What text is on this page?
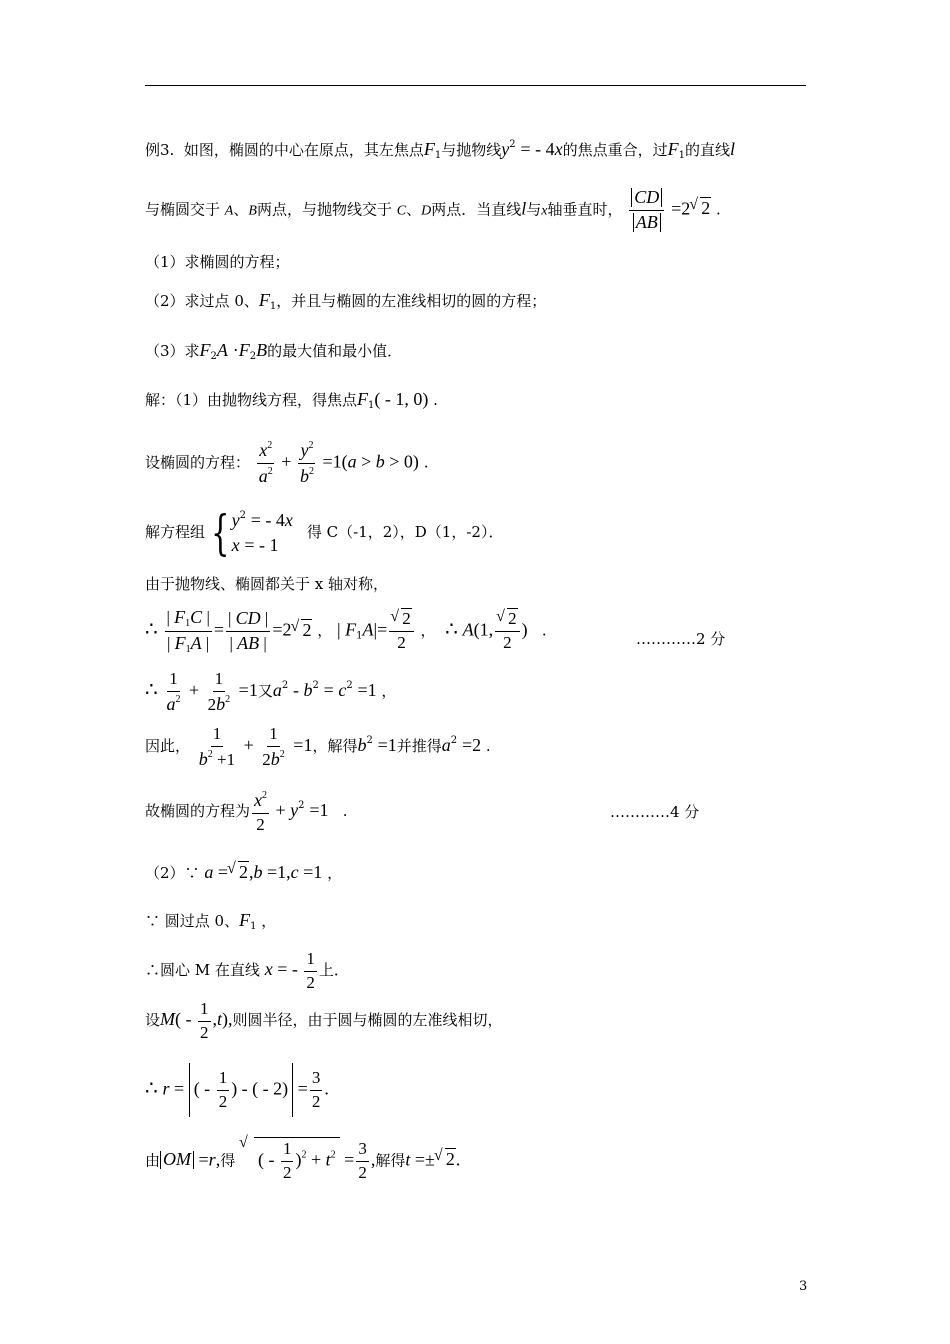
例3. 如图，椭圆的中心在原点，其左焦点$F_1$与抛物线$y^2$ = - 4x的焦点重合，过$F_1$的直线l
与椭圆交于 A、B两点，与抛物线交于 C、D两点．当直线l与x轴垂直时， $\frac{CD}{AB} =2√$ 2 .
（1）求椭圆的方程；
（2）求过点 0、$F_1$，并且与椭圆的左准线相切的圆的方程；
（3）求$F_2A \cdot F_2B$的最大值和最小值．
解：（1）由抛物线方程，得焦点$F_1( - 1$, 0) .
设椭圆的方程： $\frac{x^2}{a^2} + \frac{y^2}{b^2} =1(a > b > 0)$ .
解方程组 { $y^2$ = - 4x
x = - 1
得 C（-1，2），D（1，-2）．
由于抛物线、椭圆都关于 x 轴对称，
∴ $\frac{| F_1C |}{| F_1A |} = \frac{| CD |}{| AB |} =2√$ 2 ， | $F_1A|=$
√ $\frac{2}{2}$ ，  ∴ A(1,
√ $\frac{2}{2}$ )   .	…………2 分
∴ $\frac{1}{a^2} + \frac{1}{2b^2} =1$又$a^2 - b^2 = c^2 =1$ ，
因此， $\frac{1}{b^2 +1} + \frac{1}{2b^2} =1$，解得$b^2 =1$并推得$a^2 =2$ .
故椭圆的方程为 $\frac{x^2}{2} + y^2 =1$   .	…………4 分
（2）∵ a =√ 2,b =1,c =1 ，
∵ 圆过点 0、$F_1$ ，
∴圆心 M 在直线 x = - $\frac{1}{2}$ 上．
设$M( - \frac{1}{2} ,t)$,则圆半径，由于圆与椭圆的左准线相切，
∴ r = ( - $\frac{1}{2}$ ) - ( - $2) = \frac{3}{2}$ .
由 OM =r,得 √ ( - $\frac{1}{2} )^2 + t^2 = \frac{3}{2}$ ,解得t =±√ 2.
3
